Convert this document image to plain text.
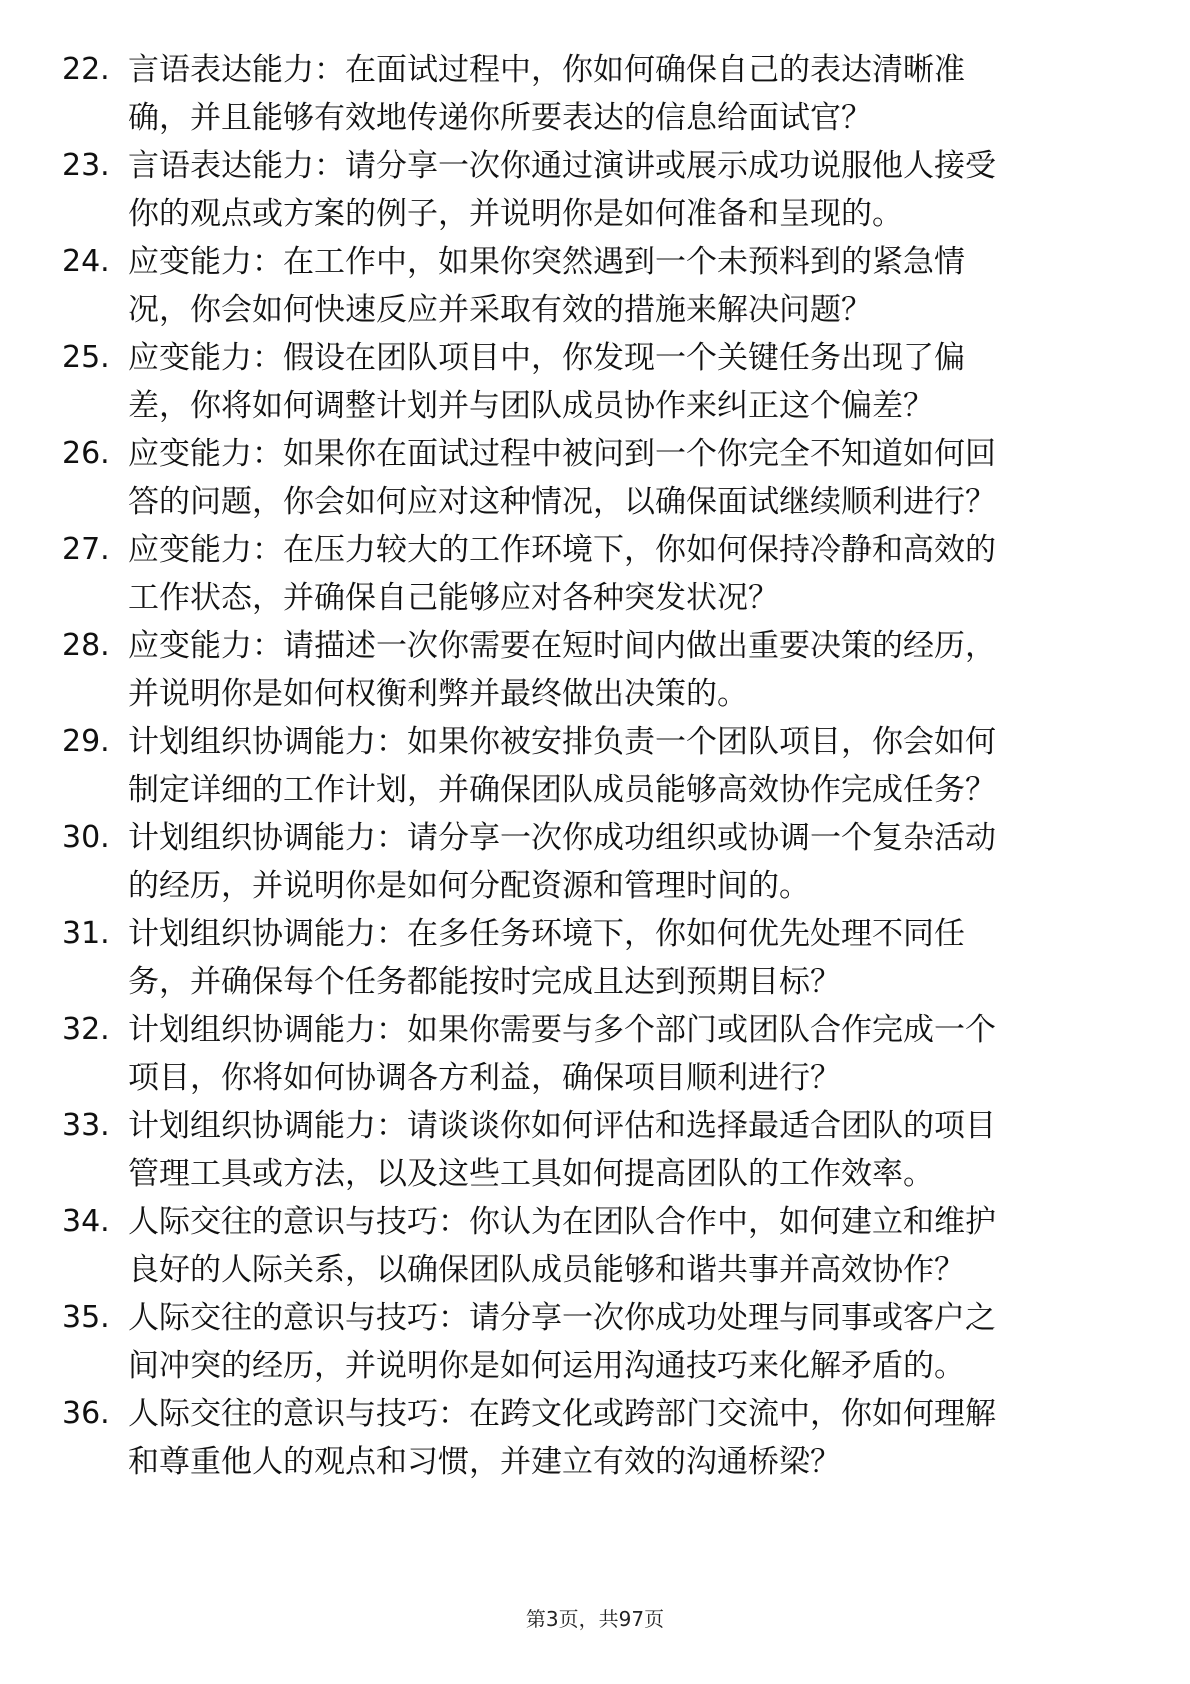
22. 言语表达能力：在面试过程中，你如何确保自己的表达清晰准
确，并且能够有效地传递你所要表达的信息给面试官？
23. 言语表达能力：请分享一次你通过演讲或展示成功说服他人接受
你的观点或方案的例子，并说明你是如何准备和呈现的。
24. 应变能力：在工作中，如果你突然遇到一个未预料到的紧急情
况，你会如何快速反应并采取有效的措施来解决问题？
25. 应变能力：假设在团队项目中，你发现一个关键任务出现了偏
差，你将如何调整计划并与团队成员协作来纠正这个偏差？
26. 应变能力：如果你在面试过程中被问到一个你完全不知道如何回
答的问题，你会如何应对这种情况，以确保面试继续顺利进行？
27. 应变能力：在压力较大的工作环境下，你如何保持冷静和高效的
工作状态，并确保自己能够应对各种突发状况？
28. 应变能力：请描述一次你需要在短时间内做出重要决策的经历，
并说明你是如何权衡利弊并最终做出决策的。
29. 计划组织协调能力：如果你被安排负责一个团队项目，你会如何
制定详细的工作计划，并确保团队成员能够高效协作完成任务？
30. 计划组织协调能力：请分享一次你成功组织或协调一个复杂活动
的经历，并说明你是如何分配资源和管理时间的。
31. 计划组织协调能力：在多任务环境下，你如何优先处理不同任
务，并确保每个任务都能按时完成且达到预期目标？
32. 计划组织协调能力：如果你需要与多个部门或团队合作完成一个
项目，你将如何协调各方利益，确保项目顺利进行？
33. 计划组织协调能力：请谈谈你如何评估和选择最适合团队的项目
管理工具或方法，以及这些工具如何提高团队的工作效率。
34. 人际交往的意识与技巧：你认为在团队合作中，如何建立和维护
良好的人际关系，以确保团队成员能够和谐共事并高效协作？
35. 人际交往的意识与技巧：请分享一次你成功处理与同事或客户之
间冲突的经历，并说明你是如何运用沟通技巧来化解矛盾的。
36. 人际交往的意识与技巧：在跨文化或跨部门交流中，你如何理解
和尊重他人的观点和习惯，并建立有效的沟通桥梁？
第3页，共97页
